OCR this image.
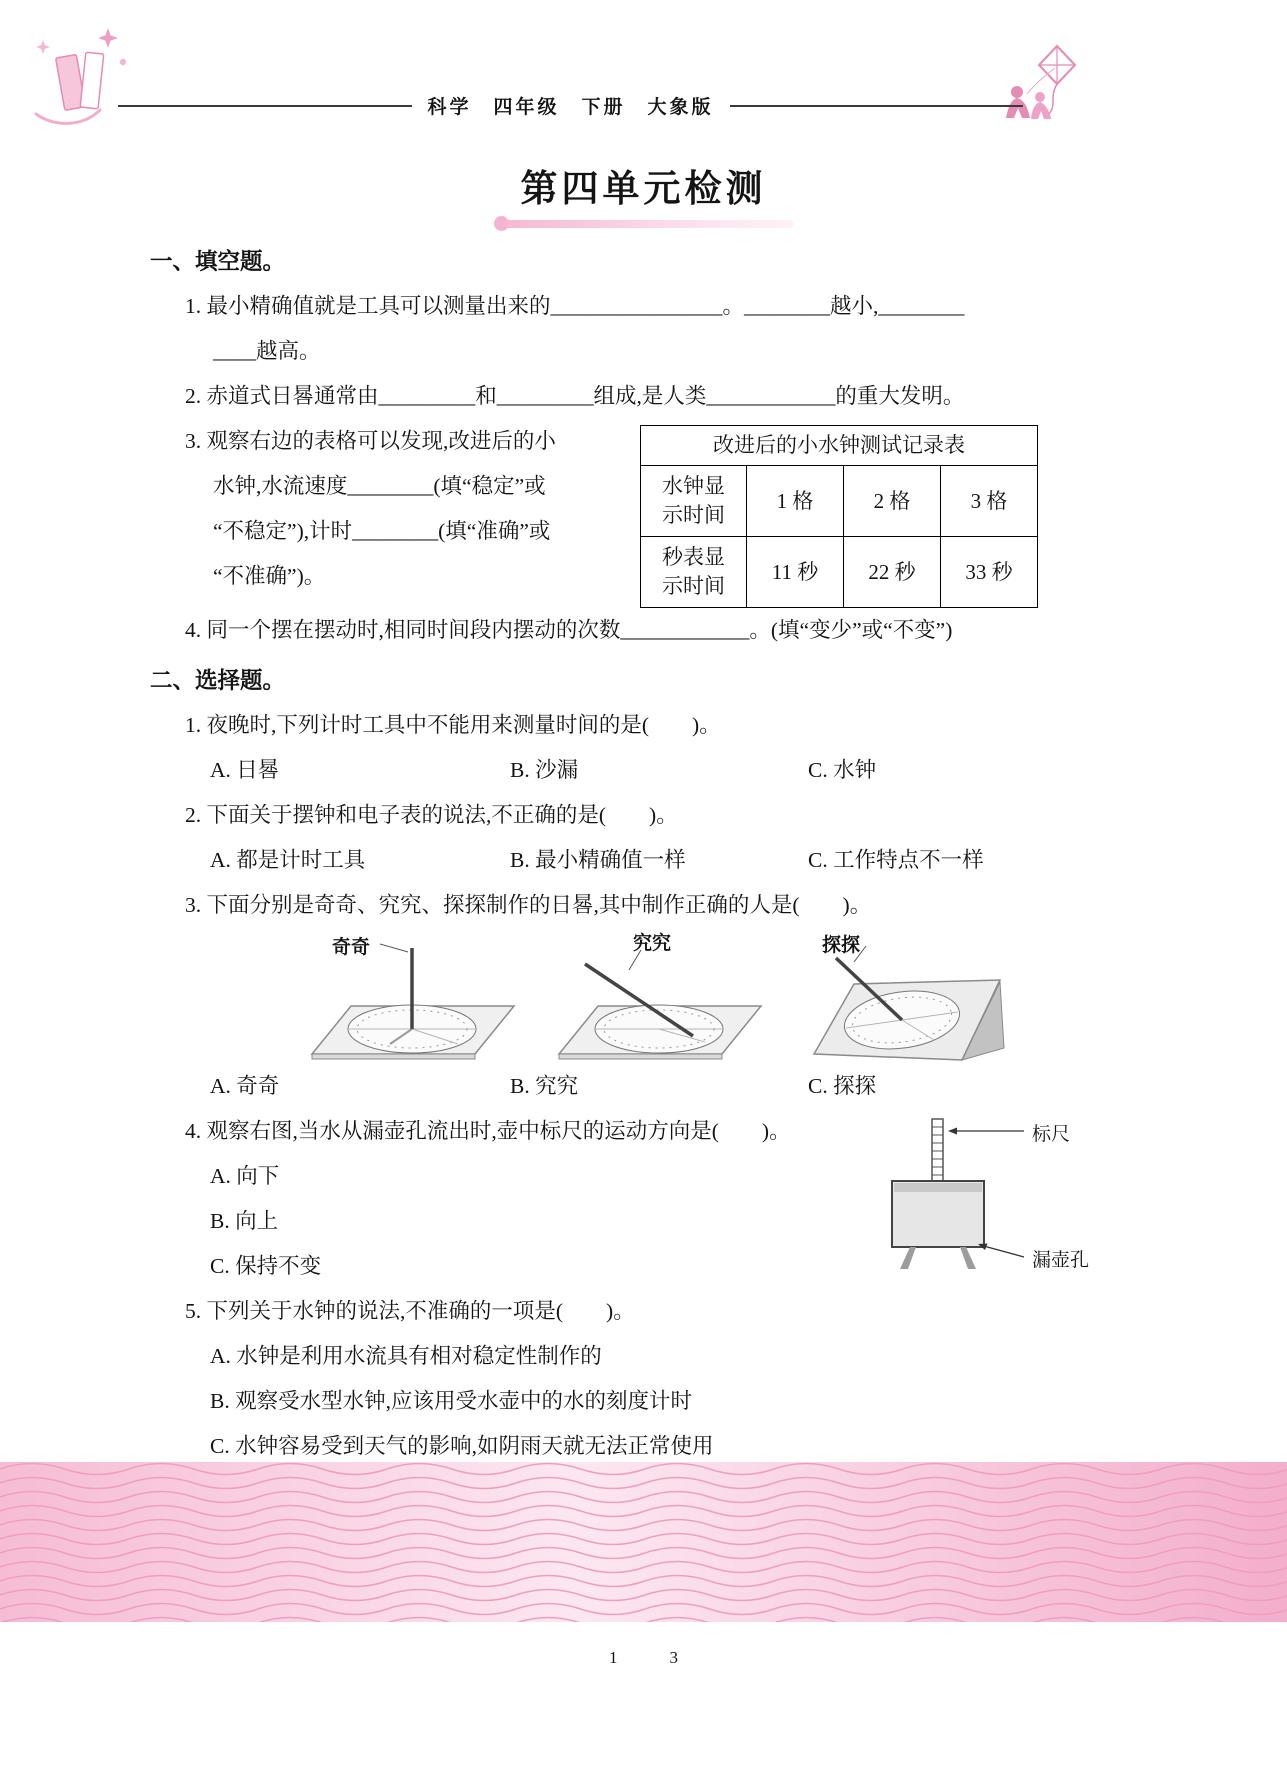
科学　四年级　下册　大象版
第四单元检测
一、填空题。
1. 最小精确值就是工具可以测量出来的________________。________越小,________
____越高。
2. 赤道式日晷通常由_________和_________组成,是人类____________的重大发明。
3. 观察右边的表格可以发现,改进后的小
水钟,水流速度________(填“稳定”或
“不稳定”),计时________(填“准确”或
“不准确”)。
改进后的小水钟测试记录表			
水钟显示时间	1 格	2 格	3 格
秒表显示时间	11 秒	22 秒	33 秒
4. 同一个摆在摆动时,相同时间段内摆动的次数____________。(填“变少”或“不变”)
二、选择题。
1. 夜晚时,下列计时工具中不能用来测量时间的是(　　)。
A. 日晷	B. 沙漏	C. 水钟
2. 下面关于摆钟和电子表的说法,不正确的是(　　)。
A. 都是计时工具	B. 最小精确值一样	C. 工作特点不一样
3. 下面分别是奇奇、究究、探探制作的日晷,其中制作正确的人是(　　)。
奇奇	究究	探探
A. 奇奇	B. 究究	C. 探探
4. 观察右图,当水从漏壶孔流出时,壶中标尺的运动方向是(　　)。
A. 向下
B. 向上
C. 保持不变
标尺
漏壶孔
5. 下列关于水钟的说法,不准确的一项是(　　)。
A. 水钟是利用水流具有相对稳定性制作的
B. 观察受水型水钟,应该用受水壶中的水的刻度计时
C. 水钟容易受到天气的影响,如阴雨天就无法正常使用
1	3
